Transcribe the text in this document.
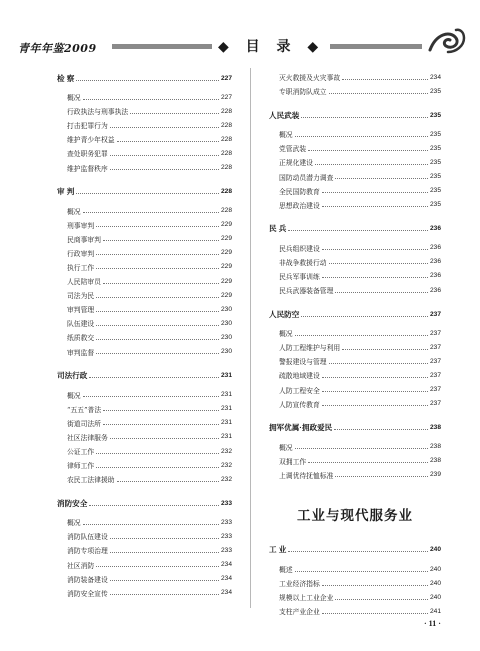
青年年鉴2009	◆ 目 录 ◆
检 察	227
概况	227
行政执法与刑事执法	228
打击犯罪行为	228
维护青少年权益	228
查处职务犯罪	228
维护监督秩序	228
审 判	228
概况	228
刑事审判	229
民商事审判	229
行政审判	229
执行工作	229
人民陪审员	229
司法为民	229
审判管理	230
队伍建设	230
纸质救交	230
审判监督	230
司法行政	231
概况	231
“五五”普法	231
街道司法所	231
社区法律服务	231
公证工作	232
律师工作	232
农民工法律援助	232
消防安全	233
概况	233
消防队伍建设	233
消防专项治理	233
社区消防	234
消防装备建设	234
消防安全宣传	234
灭火救援及火灾事故	234
专职消防队成立	235
人民武装	235
概况	235
党管武装	235
正规化建设	235
国防动员潜力调查	235
全民国防教育	235
思想政治建设	235
民 兵	236
民兵组织建设	236
非战争救援行动	236
民兵军事训练	236
民兵武器装备管理	236
人民防空	237
概况	237
人防工程维护与利用	237
警报建设与管理	237
疏散地域建设	237
人防工程安全	237
人防宣传教育	237
拥军优属·拥政爱民	238
概况	238
双拥工作	238
上调优待抚恤标准	239
工业与现代服务业
工 业	240
概述	240
工业经济指标	240
规模以上工业企业	240
支柱产业企业	241
· 11 ·
